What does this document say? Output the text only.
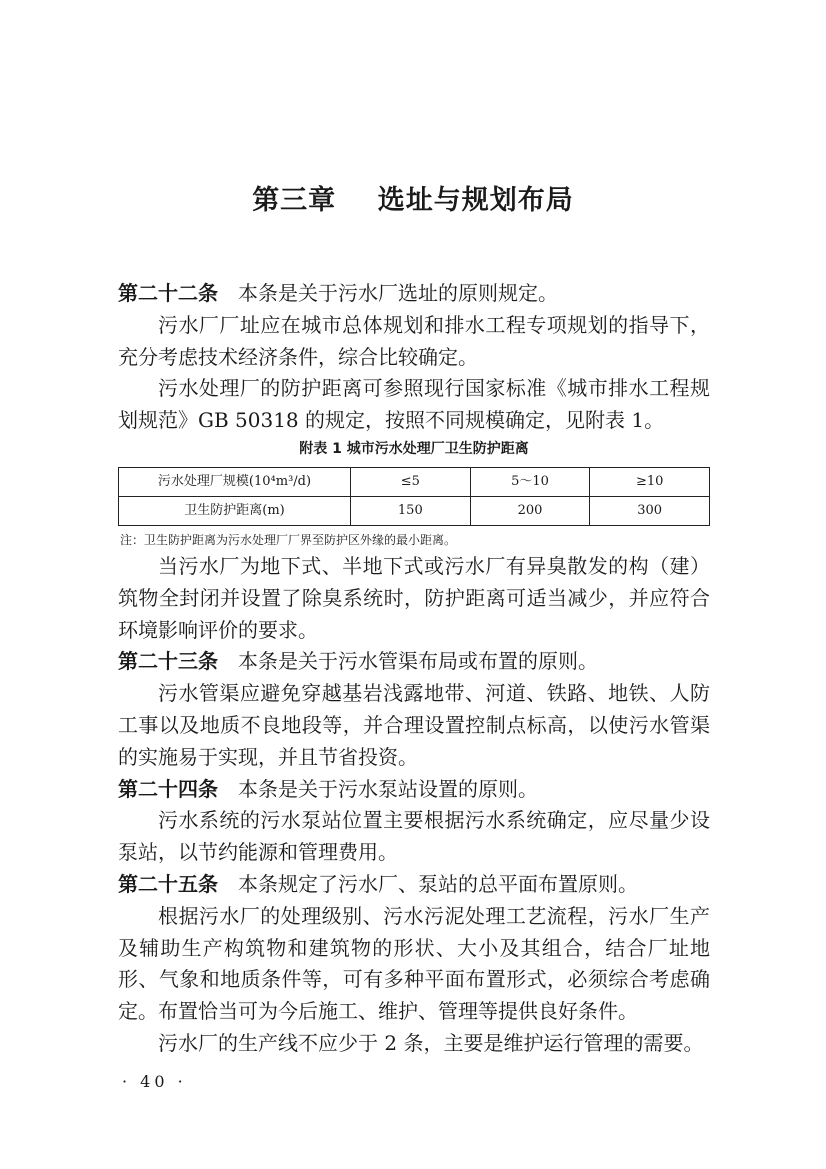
第三章    选址与规划布局

第二十二条 本条是关于污水厂选址的原则规定。

污水厂厂址应在城市总体规划和排水工程专项规划的指导下，充分考虑技术经济条件，综合比较确定。

污水处理厂的防护距离可参照现行国家标准《城市排水工程规划规范》GB 50318 的规定，按照不同规模确定，见附表 1。

附表 1 城市污水处理厂卫生防护距离
污水处理厂规模(10⁴m³/d)	≤5	5～10	≥10
卫生防护距离(m)	150	200	300
注：卫生防护距离为污水处理厂厂界至防护区外缘的最小距离。

当污水厂为地下式、半地下式或污水厂有异臭散发的构（建）筑物全封闭并设置了除臭系统时，防护距离可适当减少，并应符合环境影响评价的要求。

第二十三条 本条是关于污水管渠布局或布置的原则。

污水管渠应避免穿越基岩浅露地带、河道、铁路、地铁、人防工事以及地质不良地段等，并合理设置控制点标高，以使污水管渠的实施易于实现，并且节省投资。

第二十四条 本条是关于污水泵站设置的原则。

污水系统的污水泵站位置主要根据污水系统确定，应尽量少设泵站，以节约能源和管理费用。

第二十五条 本条规定了污水厂、泵站的总平面布置原则。

根据污水厂的处理级别、污水污泥处理工艺流程，污水厂生产及辅助生产构筑物和建筑物的形状、大小及其组合，结合厂址地形、气象和地质条件等，可有多种平面布置形式，必须综合考虑确定。布置恰当可为今后施工、维护、管理等提供良好条件。

污水厂的生产线不应少于 2 条，主要是维护运行管理的需要。

· 40 ·
